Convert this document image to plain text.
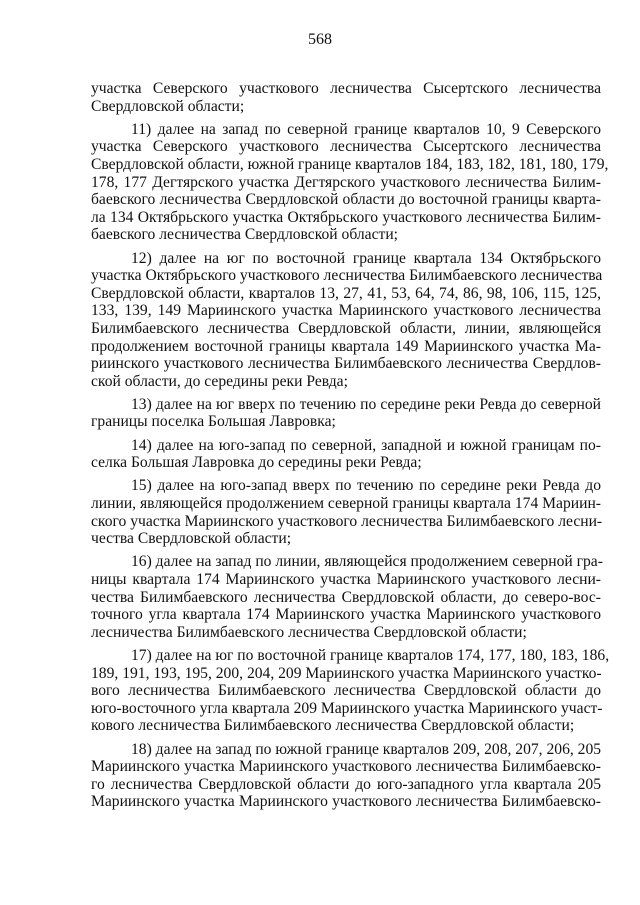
568
участка Северского участкового лесничества Сысертского лесничества
Свердловской области;
11) далее на запад по северной границе кварталов 10, 9 Северского
участка Северского участкового лесничества Сысертского лесничества
Свердловской области, южной границе кварталов 184, 183, 182, 181, 180, 179,
178, 177 Дегтярского участка Дегтярского участкового лесничества Билим-
баевского лесничества Свердловской области до восточной границы кварта-
ла 134 Октябрьского участка Октябрьского участкового лесничества Билим-
баевского лесничества Свердловской области;
12) далее на юг по восточной границе квартала 134 Октябрьского
участка Октябрьского участкового лесничества Билимбаевского лесничества
Свердловской области, кварталов 13, 27, 41, 53, 64, 74, 86, 98, 106, 115, 125,
133, 139, 149 Мариинского участка Мариинского участкового лесничества
Билимбаевского лесничества Свердловской области, линии, являющейся
продолжением восточной границы квартала 149 Мариинского участка Ма-
риинского участкового лесничества Билимбаевского лесничества Свердлов-
ской области, до середины реки Ревда;
13) далее на юг вверх по течению по середине реки Ревда до северной
границы поселка Большая Лавровка;
14) далее на юго-запад по северной, западной и южной границам по-
селка Большая Лавровка до середины реки Ревда;
15) далее на юго-запад вверх по течению по середине реки Ревда до
линии, являющейся продолжением северной границы квартала 174 Мариин-
ского участка Мариинского участкового лесничества Билимбаевского лесни-
чества Свердловской области;
16) далее на запад по линии, являющейся продолжением северной гра-
ницы квартала 174 Мариинского участка Мариинского участкового лесни-
чества Билимбаевского лесничества Свердловской области, до северо-вос-
точного угла квартала 174 Мариинского участка Мариинского участкового
лесничества Билимбаевского лесничества Свердловской области;
17) далее на юг по восточной границе кварталов 174, 177, 180, 183, 186,
189, 191, 193, 195, 200, 204, 209 Мариинского участка Мариинского участко-
вого лесничества Билимбаевского лесничества Свердловской области до
юго-восточного угла квартала 209 Мариинского участка Мариинского участ-
кового лесничества Билимбаевского лесничества Свердловской области;
18) далее на запад по южной границе кварталов 209, 208, 207, 206, 205
Мариинского участка Мариинского участкового лесничества Билимбаевско-
го лесничества Свердловской области до юго-западного угла квартала 205
Мариинского участка Мариинского участкового лесничества Билимбаевско-
